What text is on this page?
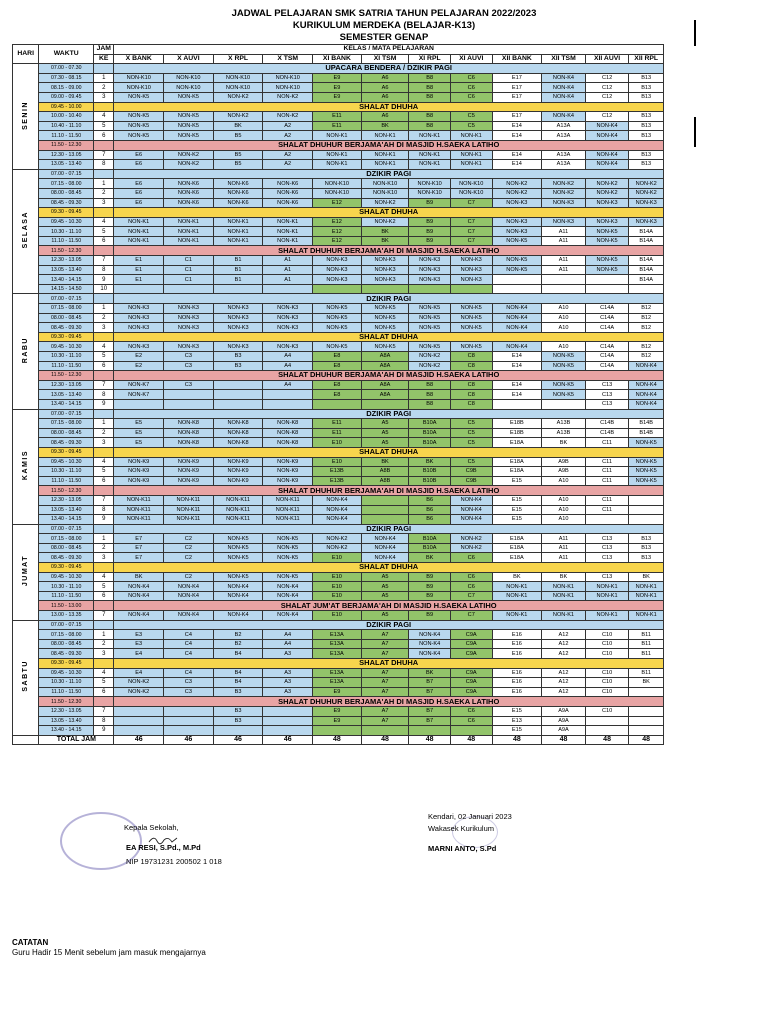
JADWAL PELAJARAN SMK SATRIA TAHUN PELAJARAN 2022/2023
KURIKULUM MERDEKA (BELAJAR-K13)
SEMESTER GENAP
HARI	WAKTU	JAM	KELAS / MATA PELAJARAN											
		KE	X BANK	X AUVI	X RPL	X TSM	XI BANK	XI TSM	XI RPL	XI AUVI	XII BANK	XII TSM	XII AUVI	XII RPL
SENIN	07.00 - 07.30		UPACARA BENDERA / DZIKIR PAGI											
	07.30 - 08.15	1	NON-K10	NON-K10	NON-K10	NON-K10	E9	A6	B8	C6	E17	NON-K4	C12	B13
	08.15 - 09.00	2	NON-K10	NON-K10	NON-K10	NON-K10	E9	A6	B8	C6	E17	NON-K4	C12	B13
	09.00 - 09.45	3	NON-K5	NON-K5	NON-K2	NON-K2	E9	A6	B8	C6	E17	NON-K4	C12	B13
	09.45 - 10.00		SHALAT DHUHA											
	10.00 - 10.40	4	NON-K5	NON-K5	NON-K2	NON-K2	E11	A6	B8	C5	E17	NON-K4	C12	B13
	10.40 - 11.10	5	NON-K5	NON-K5	BK	A2	E11	BK	B8	C5	E14	A13A	NON-K4	B13
	11.10 - 11.50	6	NON-K5	NON-K5	B5	A2	NON-K1	NON-K1	NON-K1	NON-K1	E14	A13A	NON-K4	B13
	11.50 - 12.30		SHALAT DHUHUR BERJAMA'AH DI MASJID H.SAEKA LATIHO											
	12.30 - 13.05	7	E6	NON-K2	B5	A2	NON-K1	NON-K1	NON-K1	NON-K1	E14	A13A	NON-K4	B13
	13.05 - 13.40	8	E6	NON-K2	B5	A2	NON-K1	NON-K1	NON-K1	NON-K1	E14	A13A	NON-K4	B13
SELASA	07.00 - 07.15		DZIKIR PAGI											
	07.15 - 08.00	1	E6	NON-K6	NON-K6	NON-K6	NON-K10	NON-K10	NON-K10	NON-K10	NON-K2	NON-K2	NON-K2	NON-K2
	08.00 - 08.45	2	E6	NON-K6	NON-K6	NON-K6	NON-K10	NON-K10	NON-K10	NON-K10	NON-K2	NON-K2	NON-K2	NON-K2
	08.45 - 09.30	3	E6	NON-K6	NON-K6	NON-K6	E12	NON-K2	B9	C7	NON-K3	NON-K3	NON-K3	NON-K3
	09.30 - 09.45		SHALAT DHUHA											
	09.45 - 10.30	4	NON-K1	NON-K1	NON-K1	NON-K1	E12	NON-K2	B9	C7	NON-K3	NON-K3	NON-K3	NON-K3
	10.30 - 11.10	5	NON-K1	NON-K1	NON-K1	NON-K1	E12	BK	B9	C7	NON-K3	A11	NON-K5	B14A
	11.10 - 11.50	6	NON-K1	NON-K1	NON-K1	NON-K1	E12	BK	B9	C7	NON-K5	A11	NON-K5	B14A
	11.50 - 12.30		SHALAT DHUHUR BERJAMA'AH DI MASJID H.SAEKA LATIHO											
	12.30 - 13.05	7	E1	C1	B1	A1	NON-K3	NON-K3	NON-K3	NON-K3	NON-K5	A11	NON-K5	B14A
	13.05 - 13.40	8	E1	C1	B1	A1	NON-K3	NON-K3	NON-K3	NON-K3	NON-K5	A11	NON-K5	B14A
	13.40 - 14.15	9	E1	C1	B1	A1	NON-K3	NON-K3	NON-K3	NON-K3				B14A
	14.15 - 14.50	10												
RABU	07.00 - 07.15		DZIKIR PAGI											
	07.15 - 08.00	1	NON-K3	NON-K3	NON-K3	NON-K3	NON-K5	NON-K5	NON-K5	NON-K5	NON-K4	A10	C14A	B12
	08.00 - 08.45	2	NON-K3	NON-K3	NON-K3	NON-K3	NON-K5	NON-K5	NON-K5	NON-K5	NON-K4	A10	C14A	B12
	08.45 - 09.30	3	NON-K3	NON-K3	NON-K3	NON-K3	NON-K5	NON-K5	NON-K5	NON-K5	NON-K4	A10	C14A	B12
	09.30 - 09.45		SHALAT DHUHA											
	09.45 - 10.30	4	NON-K3	NON-K3	NON-K3	NON-K3	NON-K5	NON-K5	NON-K5	NON-K5	NON-K4	A10	C14A	B12
	10.30 - 11.10	5	E2	C3	B3	A4	E8	A8A	NON-K2	C8	E14	NON-K5	C14A	B12
	11.10 - 11.50	6	E2	C3	B3	A4	E8	A8A	NON-K2	C8	E14	NON-K5	C14A	NON-K4
	11.50 - 12.30		SHALAT DHUHUR BERJAMA'AH DI MASJID H.SAEKA LATIHO											
	12.30 - 13.05	7	NON-K7	C3		A4	E8	A8A	B8	C8	E14	NON-K5	C13	NON-K4
	13.05 - 13.40	8	NON-K7				E8	A8A	B8	C8	E14	NON-K5	C13	NON-K4
	13.40 - 14.15	9							B8	C8			C13	NON-K4
KAMIS	07.00 - 07.15		DZIKIR PAGI											
	07.15 - 08.00	1	E5	NON-K8	NON-K8	NON-K8	E11	A5	B10A	C5	E18B	A13B	C14B	B14B
	08.00 - 08.45	2	E5	NON-K8	NON-K8	NON-K8	E11	A5	B10A	C5	E18B	A13B	C14B	B14B
	08.45 - 09.30	3	E5	NON-K8	NON-K8	NON-K8	E10	A5	B10A	C5	E18A	BK	C11	NON-K5
	09.30 - 09.45		SHALAT DHUHA											
	09.45 - 10.30	4	NON-K9	NON-K9	NON-K9	NON-K9	E10	BK	BK	C5	E18A	A9B	C11	NON-K5
	10.30 - 11.10	5	NON-K9	NON-K9	NON-K9	NON-K9	E13B	A8B	B10B	C9B	E18A	A9B	C11	NON-K5
	11.10 - 11.50	6	NON-K9	NON-K9	NON-K9	NON-K9	E13B	A8B	B10B	C9B	E15	A10	C11	NON-K5
	11.50 - 12.30		SHALAT DHUHUR BERJAMA'AH DI MASJID H.SAEKA LATIHO											
	12.30 - 13.05	7	NON-K11	NON-K11	NON-K11	NON-K11	NON-K4		B6	NON-K4	E15	A10	C11	
	13.05 - 13.40	8	NON-K11	NON-K11	NON-K11	NON-K11	NON-K4		B6	NON-K4	E15	A10	C11	
	13.40 - 14.15	9	NON-K11	NON-K11	NON-K11	NON-K11	NON-K4		B6	NON-K4	E15	A10		
JUMAT	07.00 - 07.15		DZIKIR PAGI											
	07.15 - 08.00	1	E7	C2	NON-K5	NON-K5	NON-K2	NON-K4	B10A	NON-K2	E18A	A11	C13	B13
	08.00 - 08.45	2	E7	C2	NON-K5	NON-K5	NON-K2	NON-K4	B10A	NON-K2	E18A	A11	C13	B13
	08.45 - 09.30	3	E7	C2	NON-K5	NON-K5	E10	NON-K4	BK	C6	E18A	A11	C13	B13
	09.30 - 09.45		SHALAT DHUHA											
	09.45 - 10.30	4	BK	C2	NON-K5	NON-K5	E10	A5	B9	C6	BK	BK	C13	BK
	10.30 - 11.10	5	NON-K4	NON-K4	NON-K4	NON-K4	E10	A5	B9	C6	NON-K1	NON-K1	NON-K1	NON-K1
	11.10 - 11.50	6	NON-K4	NON-K4	NON-K4	NON-K4	E10	A5	B9	C7	NON-K1	NON-K1	NON-K1	NON-K1
	11.50 - 13.00		SHALAT JUM'AT BERJAMA'AH DI MASJID H.SAEKA LATIHO											
	13.00 - 13.35	7	NON-K4	NON-K4	NON-K4	NON-K4	E10	A5	B9	C7	NON-K1	NON-K1	NON-K1	NON-K1
SABTU	07.00 - 07.15		DZIKIR PAGI											
	07.15 - 08.00	1	E3	C4	B2	A4	E13A	A7	NON-K4	C9A	E16	A12	C10	B11
	08.00 - 08.45	2	E3	C4	B2	A4	E13A	A7	NON-K4	C9A	E16	A12	C10	B11
	08.45 - 09.30	3	E4	C4	B4	A3	E13A	A7	NON-K4	C9A	E16	A12	C10	B11
	09.30 - 09.45		SHALAT DHUHA											
	09.45 - 10.30	4	E4	C4	B4	A3	E13A	A7	BK	C9A	E16	A12	C10	B11
	10.30 - 11.10	5	NON-K2	C3	B4	A3	E13A	A7	B7	C9A	E16	A12	C10	BK
	11.10 - 11.50	6	NON-K2	C3	B3	A3	E9	A7	B7	C9A	E16	A12	C10	
	11.50 - 12.30		SHALAT DHUHUR BERJAMA'AH DI MASJID H.SAEKA LATIHO											
	12.30 - 13.05	7			B3		E9	A7	B7	C6	E15	A9A	C10	
	13.05 - 13.40	8			B3		E9	A7	B7	C6	E13	A9A		
	13.40 - 14.15	9									E15	A9A		
	TOTAL JAM		46	46	46	46	48	48	48	48	48	48	48	48
Kepala Sekolah,
EA RESI, S.Pd., M.Pd
NIP 19731231 200502 1 018
Kendari, 02 Januari 2023
Wakasek Kurikulum
MARNI ANTO, S.Pd
CATATAN
Guru Hadir 15 Menit sebelum jam masuk mengajarnya
